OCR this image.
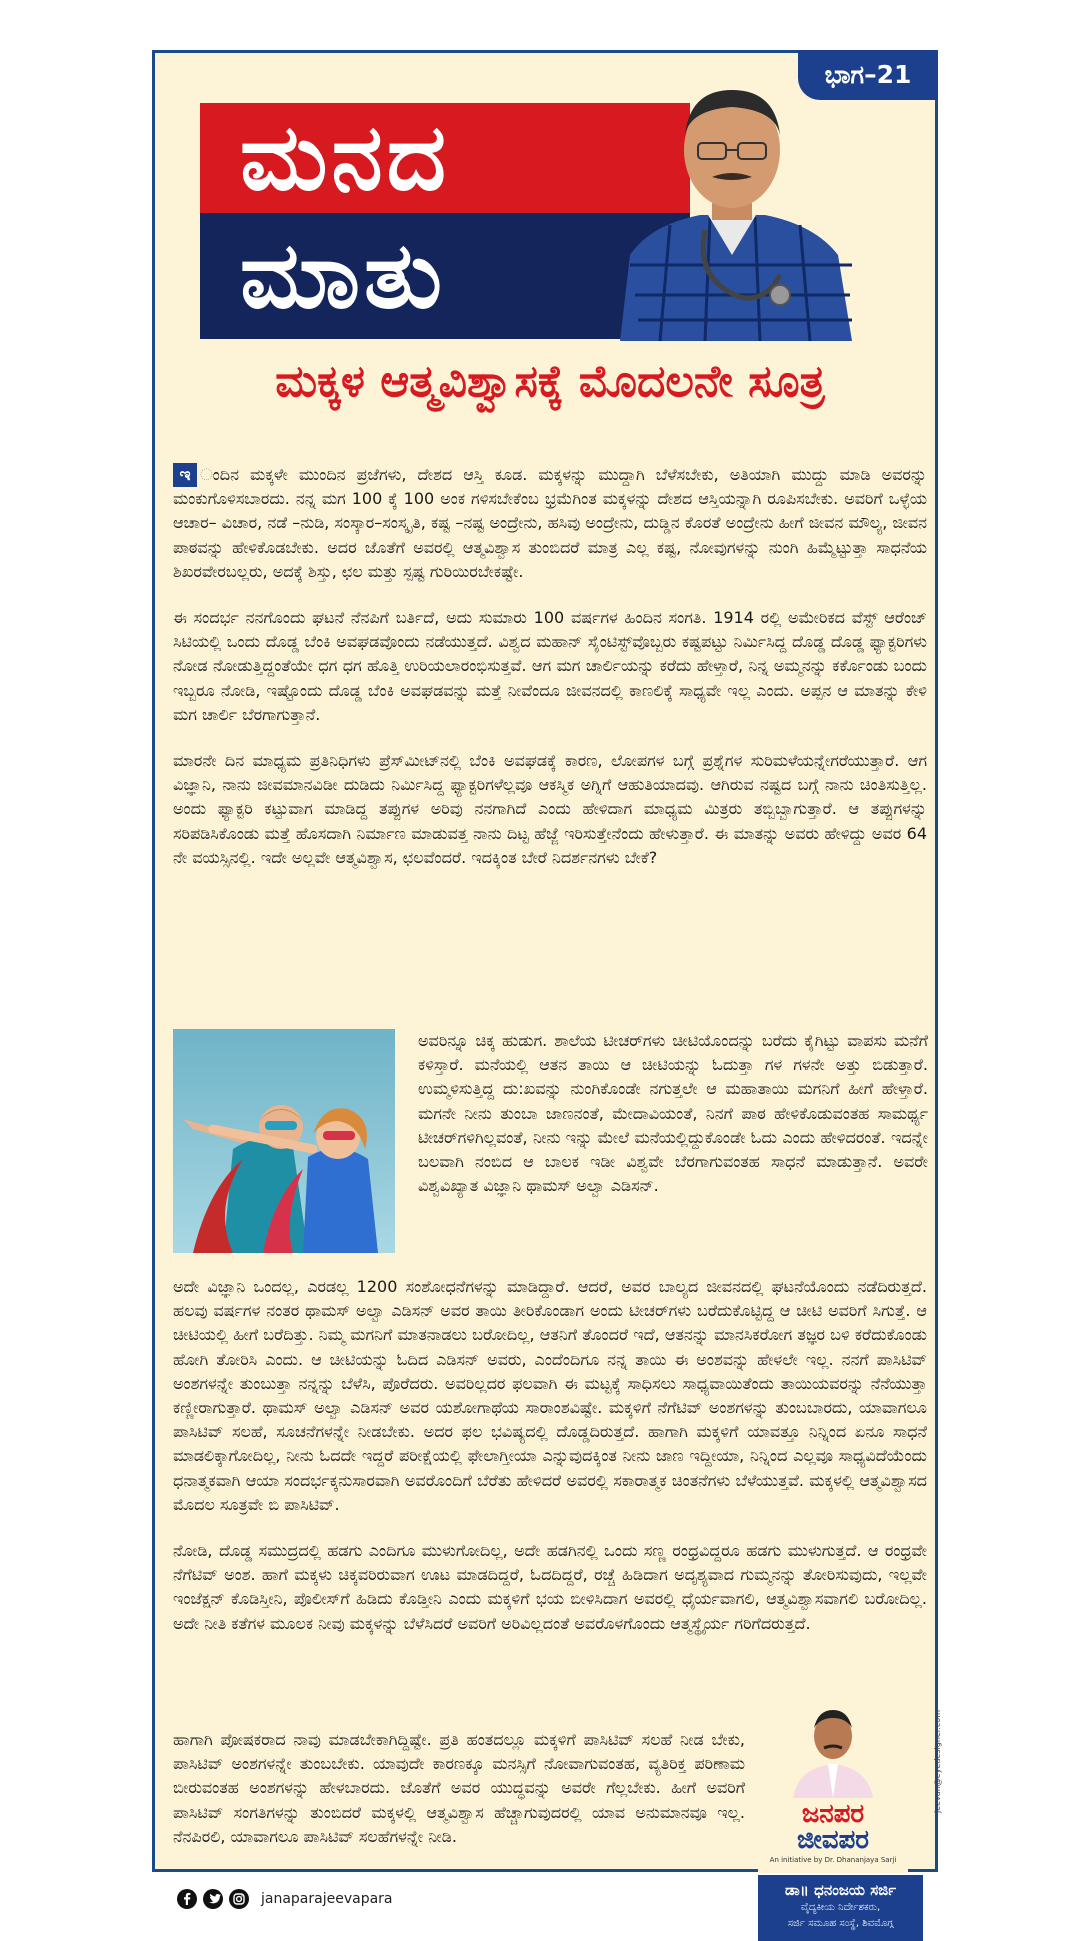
ಭಾಗ–21
ಮನದ
ಮಾತು
ಮಕ್ಕಳ ಆತ್ಮವಿಶ್ವಾಸಕ್ಕೆ ಮೊದಲನೇ ಸೂತ್ರ

ಇ ಂದಿನ ಮಕ್ಕಳೇ ಮುಂದಿನ ಪ್ರಜೆಗಳು, ದೇಶದ ಆಸ್ತಿ ಕೂಡ. ಮಕ್ಕಳನ್ನು ಮುದ್ದಾಗಿ ಬೆಳೆಸಬೇಕು, ಅತಿಯಾಗಿ ಮುದ್ದು ಮಾಡಿ ಅವರನ್ನು ಮಂಕುಗೊಳಿಸಬಾರದು. ನನ್ನ ಮಗ 100 ಕ್ಕೆ 100 ಅಂಕ ಗಳಿಸಬೇಕೆಂಬ ಭ್ರಮೆಗಿಂತ ಮಕ್ಕಳನ್ನು ದೇಶದ ಆಸ್ತಿಯನ್ನಾಗಿ ರೂಪಿಸಬೇಕು. ಅವರಿಗೆ ಒಳ್ಳೆಯ ಆಚಾರ– ವಿಚಾರ, ನಡೆ –ನುಡಿ, ಸಂಸ್ಕಾರ–ಸಂಸ್ಕೃತಿ, ಕಷ್ಟ –ನಷ್ಟ ಅಂದ್ರೇನು, ಹಸಿವು ಅಂದ್ರೇನು, ದುಡ್ಡಿನ ಕೊರತೆ ಅಂದ್ರೇನು ಹೀಗೆ ಜೀವನ ಮೌಲ್ಯ, ಜೀವನ ಪಾಠವನ್ನು ಹೇಳಿಕೊಡಬೇಕು. ಅದರ ಜೊತೆಗೆ ಅವರಲ್ಲಿ ಆತ್ಮವಿಶ್ವಾಸ ತುಂಬಿದರೆ ಮಾತ್ರ ಎಲ್ಲ ಕಷ್ಟ, ನೋವುಗಳನ್ನು ನುಂಗಿ ಹಿಮ್ಮೆಟ್ಟುತ್ತಾ ಸಾಧನೆಯ ಶಿಖರವೇರಬಲ್ಲರು, ಅದಕ್ಕೆ ಶಿಸ್ತು, ಛಲ ಮತ್ತು ಸ್ಪಷ್ಟ ಗುರಿಯಿರಬೇಕಷ್ಟೇ.

ಈ ಸಂದರ್ಭ ನನಗೊಂದು ಘಟನೆ ನೆನಪಿಗೆ ಬರ್ತಿದೆ, ಅದು ಸುಮಾರು 100 ವರ್ಷಗಳ ಹಿಂದಿನ ಸಂಗತಿ. 1914 ರಲ್ಲಿ ಅಮೇರಿಕದ ವೆಸ್ಟ್ ಆರೆಂಜ್ ಸಿಟಿಯಲ್ಲಿ ಒಂದು ದೊಡ್ಡ ಬೆಂಕಿ ಅವಘಡವೊಂದು ನಡೆಯುತ್ತದೆ. ವಿಶ್ವದ ಮಹಾನ್ ಸೈಂಟಿಸ್ಟ್‌ವೊಬ್ಬರು ಕಷ್ಟಪಟ್ಟು ನಿರ್ಮಿಸಿದ್ದ ದೊಡ್ಡ ದೊಡ್ಡ ಫ್ಯಾಕ್ಟರಿಗಳು ನೋಡ ನೋಡುತ್ತಿದ್ದಂತೆಯೇ ಧಗ ಧಗ ಹೊತ್ತಿ ಉರಿಯಲಾರಂಭಿಸುತ್ತವೆ. ಆಗ ಮಗ ಚಾರ್ಲಿಯನ್ನು ಕರೆದು ಹೇಳ್ತಾರೆ, ನಿನ್ನ ಅಮ್ಮನನ್ನು ಕರ್ಕೊಂಡು ಬಂದು ಇಬ್ಬರೂ ನೋಡಿ, ಇಷ್ಟೊಂದು ದೊಡ್ಡ ಬೆಂಕಿ ಅವಘಡವನ್ನು ಮತ್ತೆ ನೀವೆಂದೂ ಜೀವನದಲ್ಲಿ ಕಾಣಲಿಕ್ಕೆ ಸಾಧ್ಯವೇ ಇಲ್ಲ ಎಂದು. ಅಪ್ಪನ ಆ ಮಾತನ್ನು ಕೇಳಿ ಮಗ ಚಾರ್ಲಿ ಬೆರಗಾಗುತ್ತಾನೆ.

ಮಾರನೇ ದಿನ ಮಾಧ್ಯಮ ಪ್ರತಿನಿಧಿಗಳು ಪ್ರೆಸ್‌ಮೀಟ್‌ನಲ್ಲಿ ಬೆಂಕಿ ಅವಘಡಕ್ಕೆ ಕಾರಣ, ಲೋಪಗಳ ಬಗ್ಗೆ ಪ್ರಶ್ನೆಗಳ ಸುರಿಮಳೆಯನ್ನೇಗರೆಯುತ್ತಾರೆ. ಆಗ ವಿಜ್ಞಾನಿ, ನಾನು ಜೀವಮಾನವಿಡೀ ದುಡಿದು ನಿರ್ಮಿಸಿದ್ದ ಫ್ಯಾಕ್ಟರಿಗಳೆಲ್ಲವೂ ಆಕಸ್ಮಿಕ ಅಗ್ನಿಗೆ ಆಹುತಿಯಾದವು. ಆಗಿರುವ ನಷ್ಟದ ಬಗ್ಗೆ ನಾನು ಚಿಂತಿಸುತ್ತಿಲ್ಲ. ಅಂದು ಫ್ಯಾಕ್ಟರಿ ಕಟ್ಟುವಾಗ ಮಾಡಿದ್ದ ತಪ್ಪುಗಳ ಅರಿವು ನನಗಾಗಿದೆ ಎಂದು ಹೇಳಿದಾಗ ಮಾಧ್ಯಮ ಮಿತ್ರರು ತಬ್ಬಿಬ್ಬಾಗುತ್ತಾರೆ. ಆ ತಪ್ಪುಗಳನ್ನು ಸರಿಪಡಿಸಿಕೊಂಡು ಮತ್ತೆ ಹೊಸದಾಗಿ ನಿರ್ಮಾಣ ಮಾಡುವತ್ತ ನಾನು ದಿಟ್ಟ ಹೆಜ್ಜೆ ಇರಿಸುತ್ತೇನೆಂದು ಹೇಳುತ್ತಾರೆ. ಈ ಮಾತನ್ನು ಅವರು ಹೇಳಿದ್ದು ಅವರ 64 ನೇ ವಯಸ್ಸಿನಲ್ಲಿ. ಇದೇ ಅಲ್ಲವೇ ಆತ್ಮವಿಶ್ವಾಸ, ಛಲವೆಂದರೆ. ಇದಕ್ಕಿಂತ ಬೇರೆ ನಿದರ್ಶನಗಳು ಬೇಕೆ?

ಅವರಿನ್ನೂ ಚಿಕ್ಕ ಹುಡುಗ. ಶಾಲೆಯ ಟೀಚರ್‌ಗಳು ಚೀಟಿಯೊಂದನ್ನು ಬರೆದು ಕೈಗಿಟ್ಟು ವಾಪಸು ಮನೆಗೆ ಕಳಿಸ್ತಾರೆ. ಮನೆಯಲ್ಲಿ ಆತನ ತಾಯಿ ಆ ಚೀಟಿಯನ್ನು ಓದುತ್ತಾ ಗಳ ಗಳನೇ ಅತ್ತು ಬಿಡುತ್ತಾರೆ. ಉಮ್ಮಳಿಸುತ್ತಿದ್ದ ದು:ಖವನ್ನು ನುಂಗಿಕೊಂಡೇ ನಗುತ್ತಲೇ ಆ ಮಹಾತಾಯಿ ಮಗನಿಗೆ ಹೀಗೆ ಹೇಳ್ತಾರೆ. ಮಗನೇ ನೀನು ತುಂಬಾ ಜಾಣನಂತೆ, ಮೇದಾವಿಯಂತೆ, ನಿನಗೆ ಪಾಠ ಹೇಳಿಕೊಡುವಂತಹ ಸಾಮರ್ಥ್ಯ ಟೀಚರ್‌ಗಳಿಗಿಲ್ಲವಂತೆ, ನೀನು ಇನ್ನು ಮೇಲೆ ಮನೆಯಲ್ಲಿದ್ದುಕೊಂಡೇ ಓದು ಎಂದು ಹೇಳಿದರಂತೆ. ಇದನ್ನೇ ಬಲವಾಗಿ ನಂಬಿದ ಆ ಬಾಲಕ ಇಡೀ ವಿಶ್ವವೇ ಬೆರಗಾಗುವಂತಹ ಸಾಧನೆ ಮಾಡುತ್ತಾನೆ. ಅವರೇ ವಿಶ್ವವಿಖ್ಯಾತ ವಿಜ್ಞಾನಿ ಥಾಮಸ್ ಅಲ್ವಾ ಎಡಿಸನ್.

ಅದೇ ವಿಜ್ಞಾನಿ ಒಂದಲ್ಲ, ಎರಡಲ್ಲ 1200 ಸಂಶೋಧನೆಗಳನ್ನು ಮಾಡಿದ್ದಾರೆ. ಆದರೆ, ಅವರ ಬಾಲ್ಯದ ಜೀವನದಲ್ಲಿ ಘಟನೆಯೊಂದು ನಡೆದಿರುತ್ತದೆ. ಹಲವು ವರ್ಷಗಳ ನಂತರ ಥಾಮಸ್ ಅಲ್ವಾ ಎಡಿಸನ್ ಅವರ ತಾಯಿ ತೀರಿಕೊಂಡಾಗ ಅಂದು ಟೀಚರ್‌ಗಳು ಬರೆದುಕೊಟ್ಟಿದ್ದ ಆ ಚೀಟಿ ಅವರಿಗೆ ಸಿಗುತ್ತೆ. ಆ ಚೀಟಿಯಲ್ಲಿ ಹೀಗೆ ಬರೆದಿತ್ತು. ನಿಮ್ಮ ಮಗನಿಗೆ ಮಾತನಾಡಲು ಬರೋದಿಲ್ಲ, ಆತನಿಗೆ ತೊಂದರೆ ಇದೆ, ಆತನನ್ನು ಮಾನಸಿಕರೋಗ ತಜ್ಞರ ಬಳಿ ಕರೆದುಕೊಂಡು ಹೋಗಿ ತೋರಿಸಿ ಎಂದು. ಆ ಚೀಟಿಯನ್ನು ಓದಿದ ಎಡಿಸನ್ ಅವರು, ಎಂದೆಂದಿಗೂ ನನ್ನ ತಾಯಿ ಈ ಅಂಶವನ್ನು ಹೇಳಲೇ ಇಲ್ಲ. ನನಗೆ ಪಾಸಿಟಿವ್ ಅಂಶಗಳನ್ನೇ ತುಂಬುತ್ತಾ ನನ್ನನ್ನು ಬೆಳೆಸಿ, ಪೊರೆದರು. ಅವರಿಲ್ಲದರ ಫಲವಾಗಿ ಈ ಮಟ್ಟಕ್ಕೆ ಸಾಧಿಸಲು ಸಾಧ್ಯವಾಯಿತೆಂದು ತಾಯಿಯವರನ್ನು ನೆನೆಯುತ್ತಾ ಕಣ್ಣೀರಾಗುತ್ತಾರೆ. ಥಾಮಸ್ ಅಲ್ವಾ ಎಡಿಸನ್ ಅವರ ಯಶೋಗಾಥೆಯ ಸಾರಾಂಶವಿಷ್ಟೇ. ಮಕ್ಕಳಿಗೆ ನೆಗೆಟಿವ್ ಅಂಶಗಳನ್ನು ತುಂಬಬಾರದು, ಯಾವಾಗಲೂ ಪಾಸಿಟಿವ್ ಸಲಹೆ, ಸೂಚನೆಗಳನ್ನೇ ನೀಡಬೇಕು. ಅದರ ಫಲ ಭವಿಷ್ಯದಲ್ಲಿ ದೊಡ್ಡದಿರುತ್ತದೆ. ಹಾಗಾಗಿ ಮಕ್ಕಳಿಗೆ ಯಾವತ್ತೂ ನಿನ್ನಿಂದ ಏನೂ ಸಾಧನೆ ಮಾಡಲಿಕ್ಕಾಗೋದಿಲ್ಲ, ನೀನು ಓದದೇ ಇದ್ದರೆ ಪರೀಕ್ಷೆಯಲ್ಲಿ ಫೇಲಾಗ್ತೀಯಾ ಎನ್ನುವುದಕ್ಕಿಂತ ನೀನು ಜಾಣ ಇದ್ದೀಯಾ, ನಿನ್ನಿಂದ ಎಲ್ಲವೂ ಸಾಧ್ಯವಿದೆಯೆಂದು ಧನಾತ್ಮಕವಾಗಿ ಆಯಾ ಸಂದರ್ಭಕ್ಕನುಸಾರವಾಗಿ ಅವರೊಂದಿಗೆ ಬೆರೆತು ಹೇಳಿದರೆ ಅವರಲ್ಲಿ ಸಕಾರಾತ್ಮಕ ಚಿಂತನೆಗಳು ಬೆಳೆಯುತ್ತವೆ. ಮಕ್ಕಳಲ್ಲಿ ಆತ್ಮವಿಶ್ವಾಸದ ಮೊದಲ ಸೂತ್ರವೇ ಬಿ ಪಾಸಿಟಿವ್.

ನೋಡಿ, ದೊಡ್ಡ ಸಮುದ್ರದಲ್ಲಿ ಹಡಗು ಎಂದಿಗೂ ಮುಳುಗೋದಿಲ್ಲ, ಅದೇ ಹಡಗಿನಲ್ಲಿ ಒಂದು ಸಣ್ಣ ರಂಧ್ರವಿದ್ದರೂ ಹಡಗು ಮುಳುಗುತ್ತದೆ. ಆ ರಂಧ್ರವೇ ನೆಗೆಟಿವ್ ಅಂಶ. ಹಾಗೆ ಮಕ್ಕಳು ಚಿಕ್ಕವರಿರುವಾಗ ಊಟ ಮಾಡದಿದ್ದರೆ, ಓದದಿದ್ದರೆ, ರಚ್ಚೆ ಹಿಡಿದಾಗ ಅದೃಶ್ಯವಾದ ಗುಮ್ಮನನ್ನು ತೋರಿಸುವುದು, ಇಲ್ಲವೇ ಇಂಜೆಕ್ಷನ್ ಕೊಡಿಸ್ತೀನಿ, ಪೊಲೀಸ್‌ಗೆ ಹಿಡಿದು ಕೊಡ್ತೀನಿ ಎಂದು ಮಕ್ಕಳಿಗೆ ಭಯ ಬೀಳಿಸಿದಾಗ ಅವರಲ್ಲಿ ಧೈರ್ಯವಾಗಲಿ, ಆತ್ಮವಿಶ್ವಾಸವಾಗಲಿ ಬರೋದಿಲ್ಲ. ಅದೇ ನೀತಿ ಕತೆಗಳ ಮೂಲಕ ನೀವು ಮಕ್ಕಳನ್ನು ಬೆಳೆಸಿದರೆ ಅವರಿಗೆ ಅರಿವಿಲ್ಲದಂತೆ ಅವರೊಳಗೊಂದು ಆತ್ಮಸ್ಥೈರ್ಯ ಗರಿಗೆದರುತ್ತದೆ.

ಹಾಗಾಗಿ ಪೋಷಕರಾದ ನಾವು ಮಾಡಬೇಕಾಗಿದ್ದಿಷ್ಟೇ. ಪ್ರತಿ ಹಂತದಲ್ಲೂ ಮಕ್ಕಳಿಗೆ ಪಾಸಿಟಿವ್ ಸಲಹೆ ನೀಡ ಬೇಕು, ಪಾಸಿಟಿವ್ ಅಂಶಗಳನ್ನೇ ತುಂಬಬೇಕು. ಯಾವುದೇ ಕಾರಣಕ್ಕೂ ಮನಸ್ಸಿಗೆ ನೋವಾಗುವಂತಹ, ವ್ಯತಿರಿಕ್ತ ಪರಿಣಾಮ ಬೀರುವಂತಹ ಅಂಶಗಳನ್ನು ಹೇಳಬಾರದು. ಜೊತೆಗೆ ಅವರ ಯುದ್ಧವನ್ನು ಅವರೇ ಗೆಲ್ಲಬೇಕು. ಹೀಗೆ ಅವರಿಗೆ ಪಾಸಿಟಿವ್ ಸಂಗತಿಗಳನ್ನು ತುಂಬಿದರೆ ಮಕ್ಕಳಲ್ಲಿ ಆತ್ಮವಿಶ್ವಾಸ ಹೆಚ್ಚಾಗುವುದರಲ್ಲಿ ಯಾವ ಅನುಮಾನವೂ ಇಲ್ಲ. ನೆನಪಿರಲಿ, ಯಾವಾಗಲೂ ಪಾಸಿಟಿವ್ ಸಲಹೆಗಳನ್ನೇ ನೀಡಿ.

janaparajeevapara
ಜನಪರ
ಜೀವಪರ
An initiative by Dr. Dhananjaya Sarji
ಡಾ॥ ಧನಂಜಯ ಸರ್ಜಿ
ವೈದ್ಯಕೀಯ ನಿರ್ದೇಶಕರು,
ಸರ್ಜಿ ಸಮೂಹ ಸಂಸ್ಥೆ, ಶಿವಮೊಗ್ಗ
jeevan@eyedesigner.com
